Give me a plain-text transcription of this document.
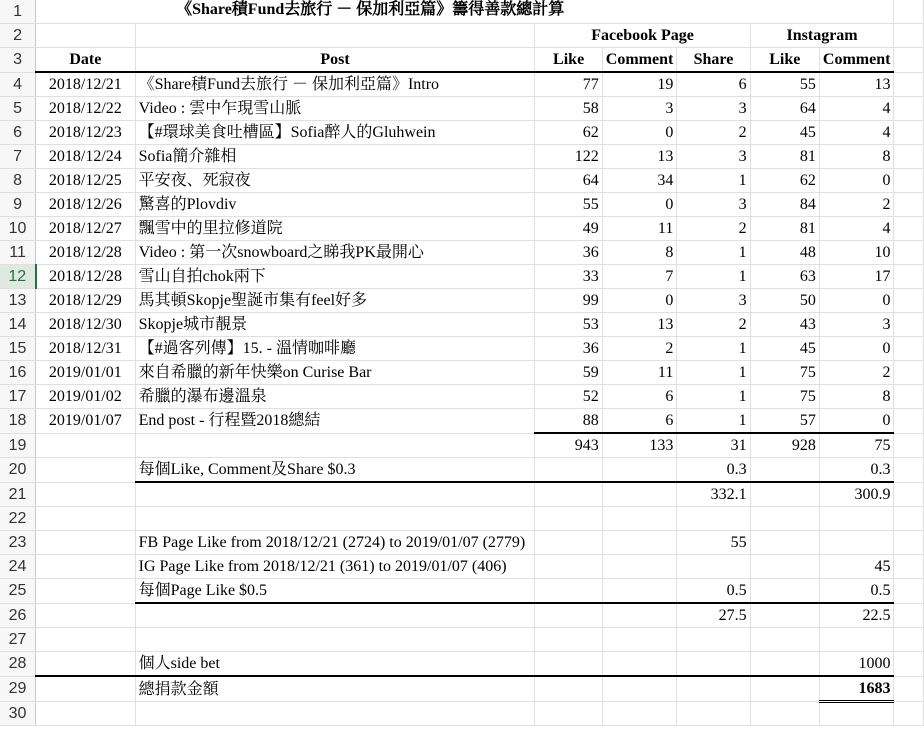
1	《Share積Fund去旅行 － 保加利亞篇》籌得善款總計算							

2			Facebook Page			Instagram		
3	Date	Post	Like	Comment	Share	Like	Comment	
4	2018/12/21	《Share積Fund去旅行 － 保加利亞篇》Intro	77	19	6	55	13	
5	2018/12/22	Video : 雲中乍現雪山脈	58	3	3	64	4	
6	2018/12/23	【#環球美食吐槽區】Sofia醉人的Gluhwein	62	0	2	45	4	
7	2018/12/24	Sofia簡介雜相	122	13	3	81	8	
8	2018/12/25	平安夜、死寂夜	64	34	1	62	0	
9	2018/12/26	驚喜的Plovdiv	55	0	3	84	2	
10	2018/12/27	飄雪中的里拉修道院	49	11	2	81	4	
11	2018/12/28	Video : 第一次snowboard之睇我PK最開心	36	8	1	48	10	
12	2018/12/28	雪山自拍chok兩下	33	7	1	63	17	
13	2018/12/29	馬其頓Skopje聖誕市集有feel好多	99	0	3	50	0	
14	2018/12/30	Skopje城市靚景	53	13	2	43	3	
15	2018/12/31	【#過客列傳】15. - 溫情咖啡廳	36	2	1	45	0	
16	2019/01/01	來自希臘的新年快樂on Curise Bar	59	11	1	75	2	
17	2019/01/02	希臘的瀑布邊溫泉	52	6	1	75	8	
18	2019/01/07	End post - 行程暨2018總結	88	6	1	57	0	
19			943	133	31	928	75	
20		每個Like, Comment及Share $0.3			0.3		0.3	
21					332.1		300.9	
22								
23		FB Page Like from 2018/12/21 (2724) to 2019/01/07 (2779)			55			
24		IG Page Like from 2018/12/21 (361) to 2019/01/07 (406)					45	
25		每個Page Like $0.5			0.5		0.5	
26					27.5		22.5	
27								
28		個人side bet					1000	
29		總捐款金額					1683	
30								
